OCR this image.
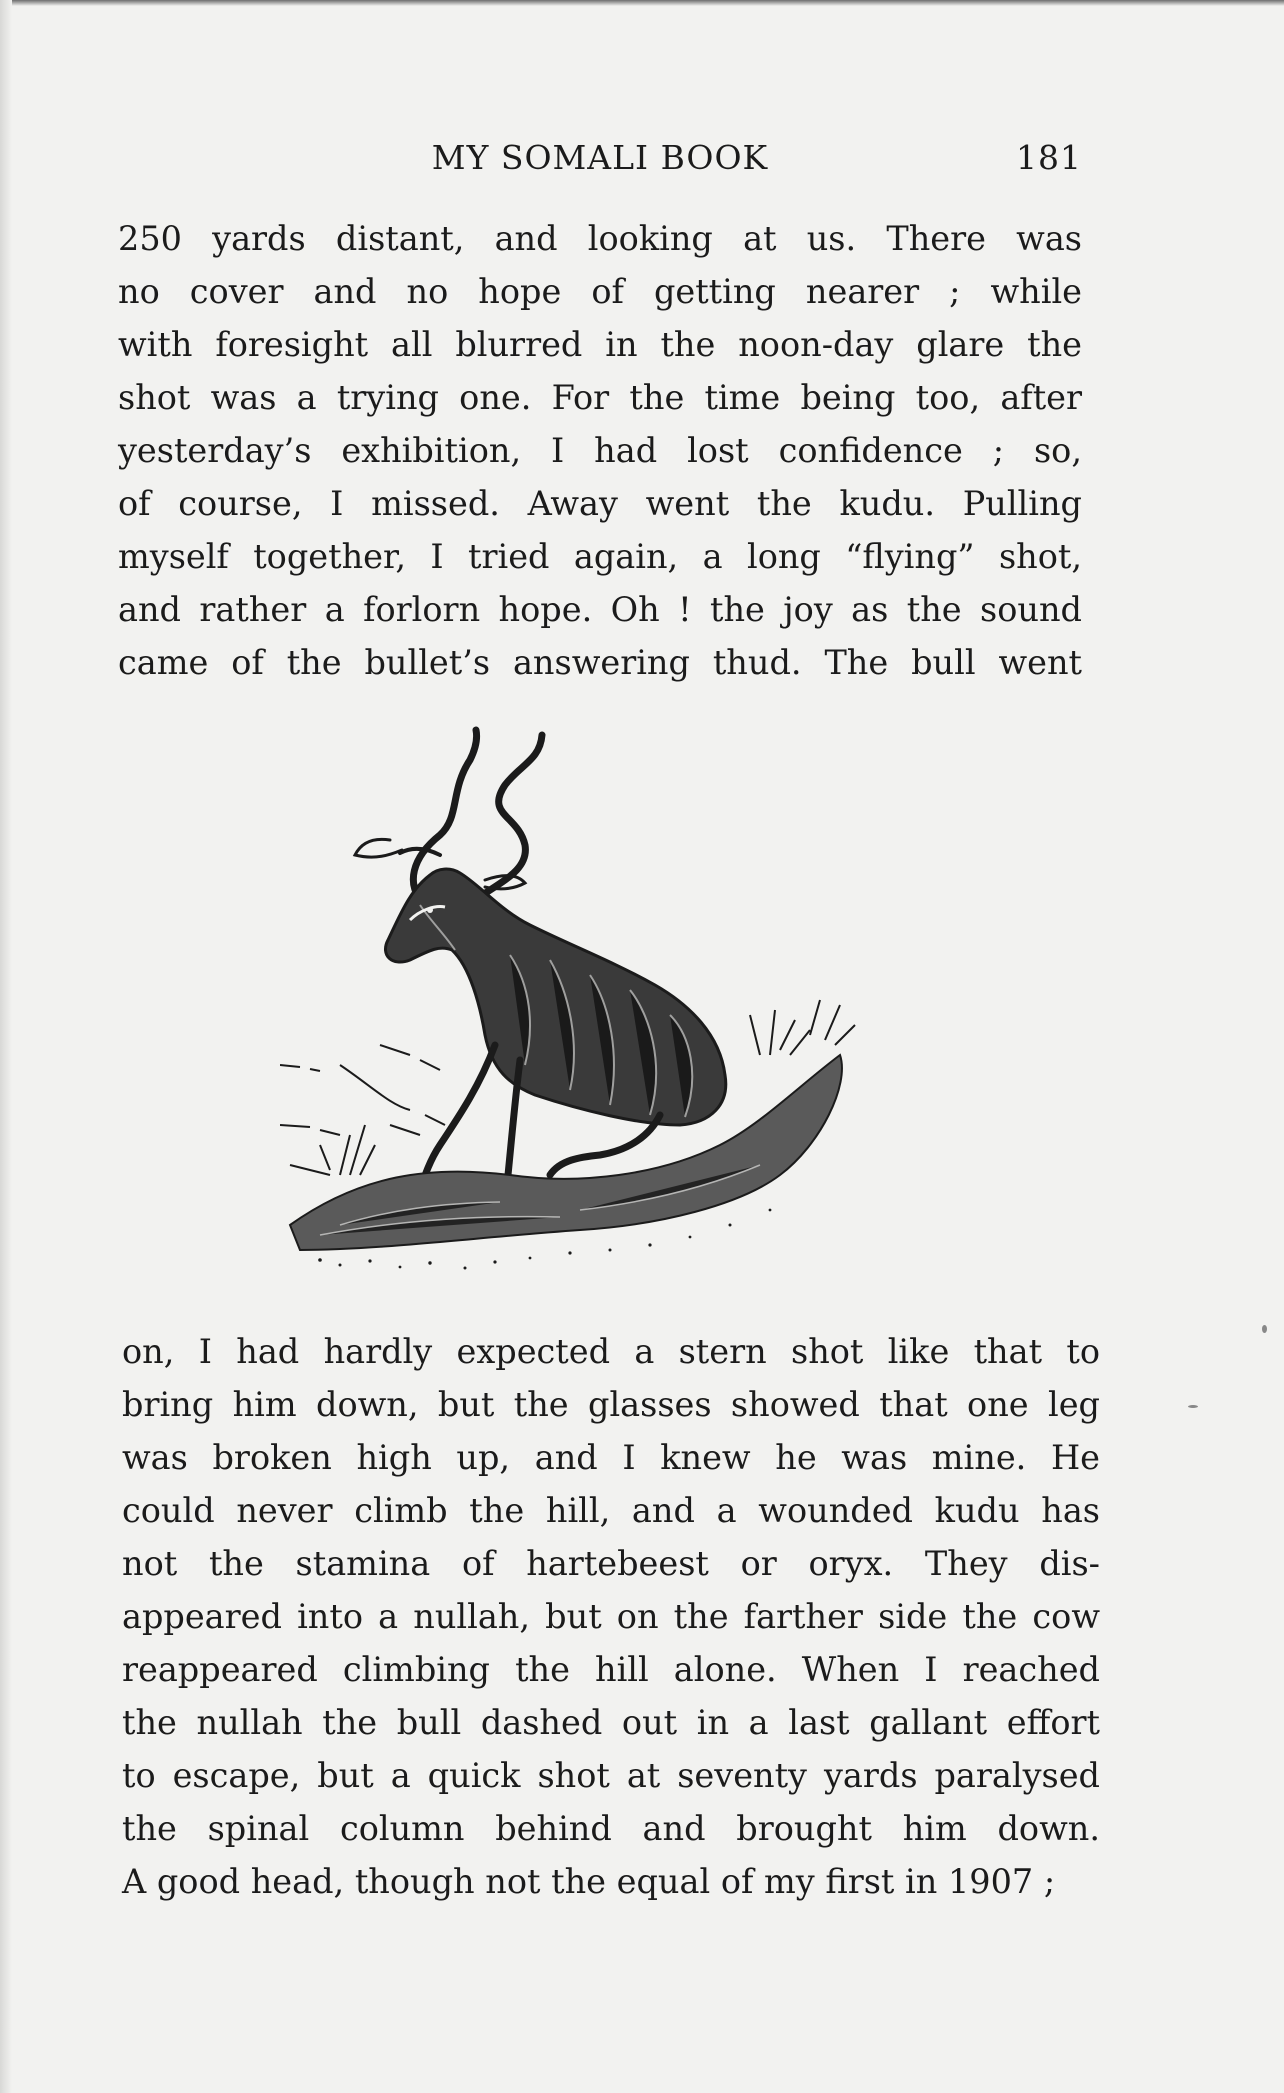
MY SOMALI BOOK	181
250 yards distant, and looking at us. There was
no cover and no hope of getting nearer ; while
with foresight all blurred in the noon-day glare the
shot was a trying one. For the time being too, after
yesterday’s exhibition, I had lost confidence ; so,
of course, I missed. Away went the kudu. Pulling
myself together, I tried again, a long “flying” shot,
and rather a forlorn hope. Oh ! the joy as the sound
came of the bullet’s answering thud. The bull went
on, I had hardly expected a stern shot like that to
bring him down, but the glasses showed that one leg
was broken high up, and I knew he was mine. He
could never climb the hill, and a wounded kudu has
not the stamina of hartebeest or oryx. They dis-
appeared into a nullah, but on the farther side the cow
reappeared climbing the hill alone. When I reached
the nullah the bull dashed out in a last gallant effort
to escape, but a quick shot at seventy yards paralysed
the spinal column behind and brought him down.
A good head, though not the equal of my first in 1907 ;
